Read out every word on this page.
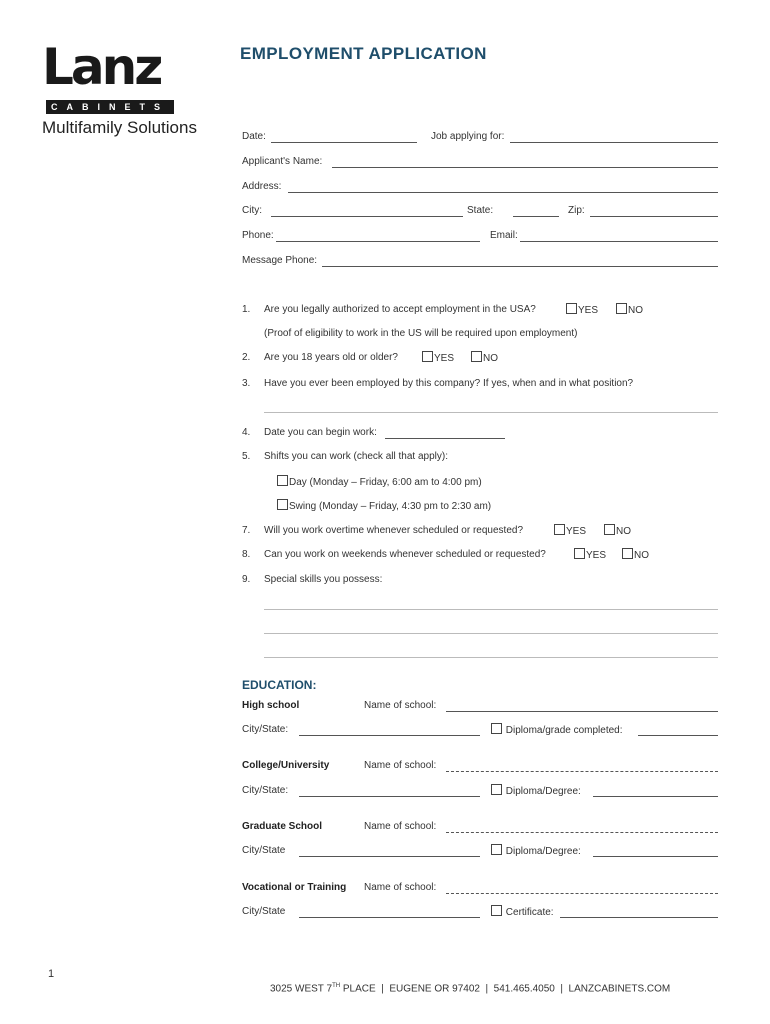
Lanz
CABINETS
Multifamily Solutions
EMPLOYMENT APPLICATION
Date:	Job applying for:
Applicant's Name:
Address:
City:	State:	Zip:
Phone:	Email:
Message Phone:
1. Are you legally authorized to accept employment in the USA?	YES	NO
(Proof of eligibility to work in the US will be required upon employment)
2. Are you 18 years old or older?	YES	NO
3. Have you ever been employed by this company? If yes, when and in what position?
4. Date you can begin work:
5. Shifts you can work (check all that apply):
Day (Monday – Friday, 6:00 am to 4:00 pm)
Swing (Monday – Friday, 4:30 pm to 2:30 am)
7. Will you work overtime whenever scheduled or requested?	YES	NO
8. Can you work on weekends whenever scheduled or requested?	YES	NO
9. Special skills you possess:
EDUCATION:
High school	Name of school:
City/State:	Diploma/grade completed:
College/University	Name of school:
City/State:	Diploma/Degree:
Graduate School	Name of school:
City/State	Diploma/Degree:
Vocational or Training Name of school:
City/State	Certificate:
1
3025 WEST 7TH PLACE  |  EUGENE OR 97402  |  541.465.4050  |  LANZCABINETS.COM
